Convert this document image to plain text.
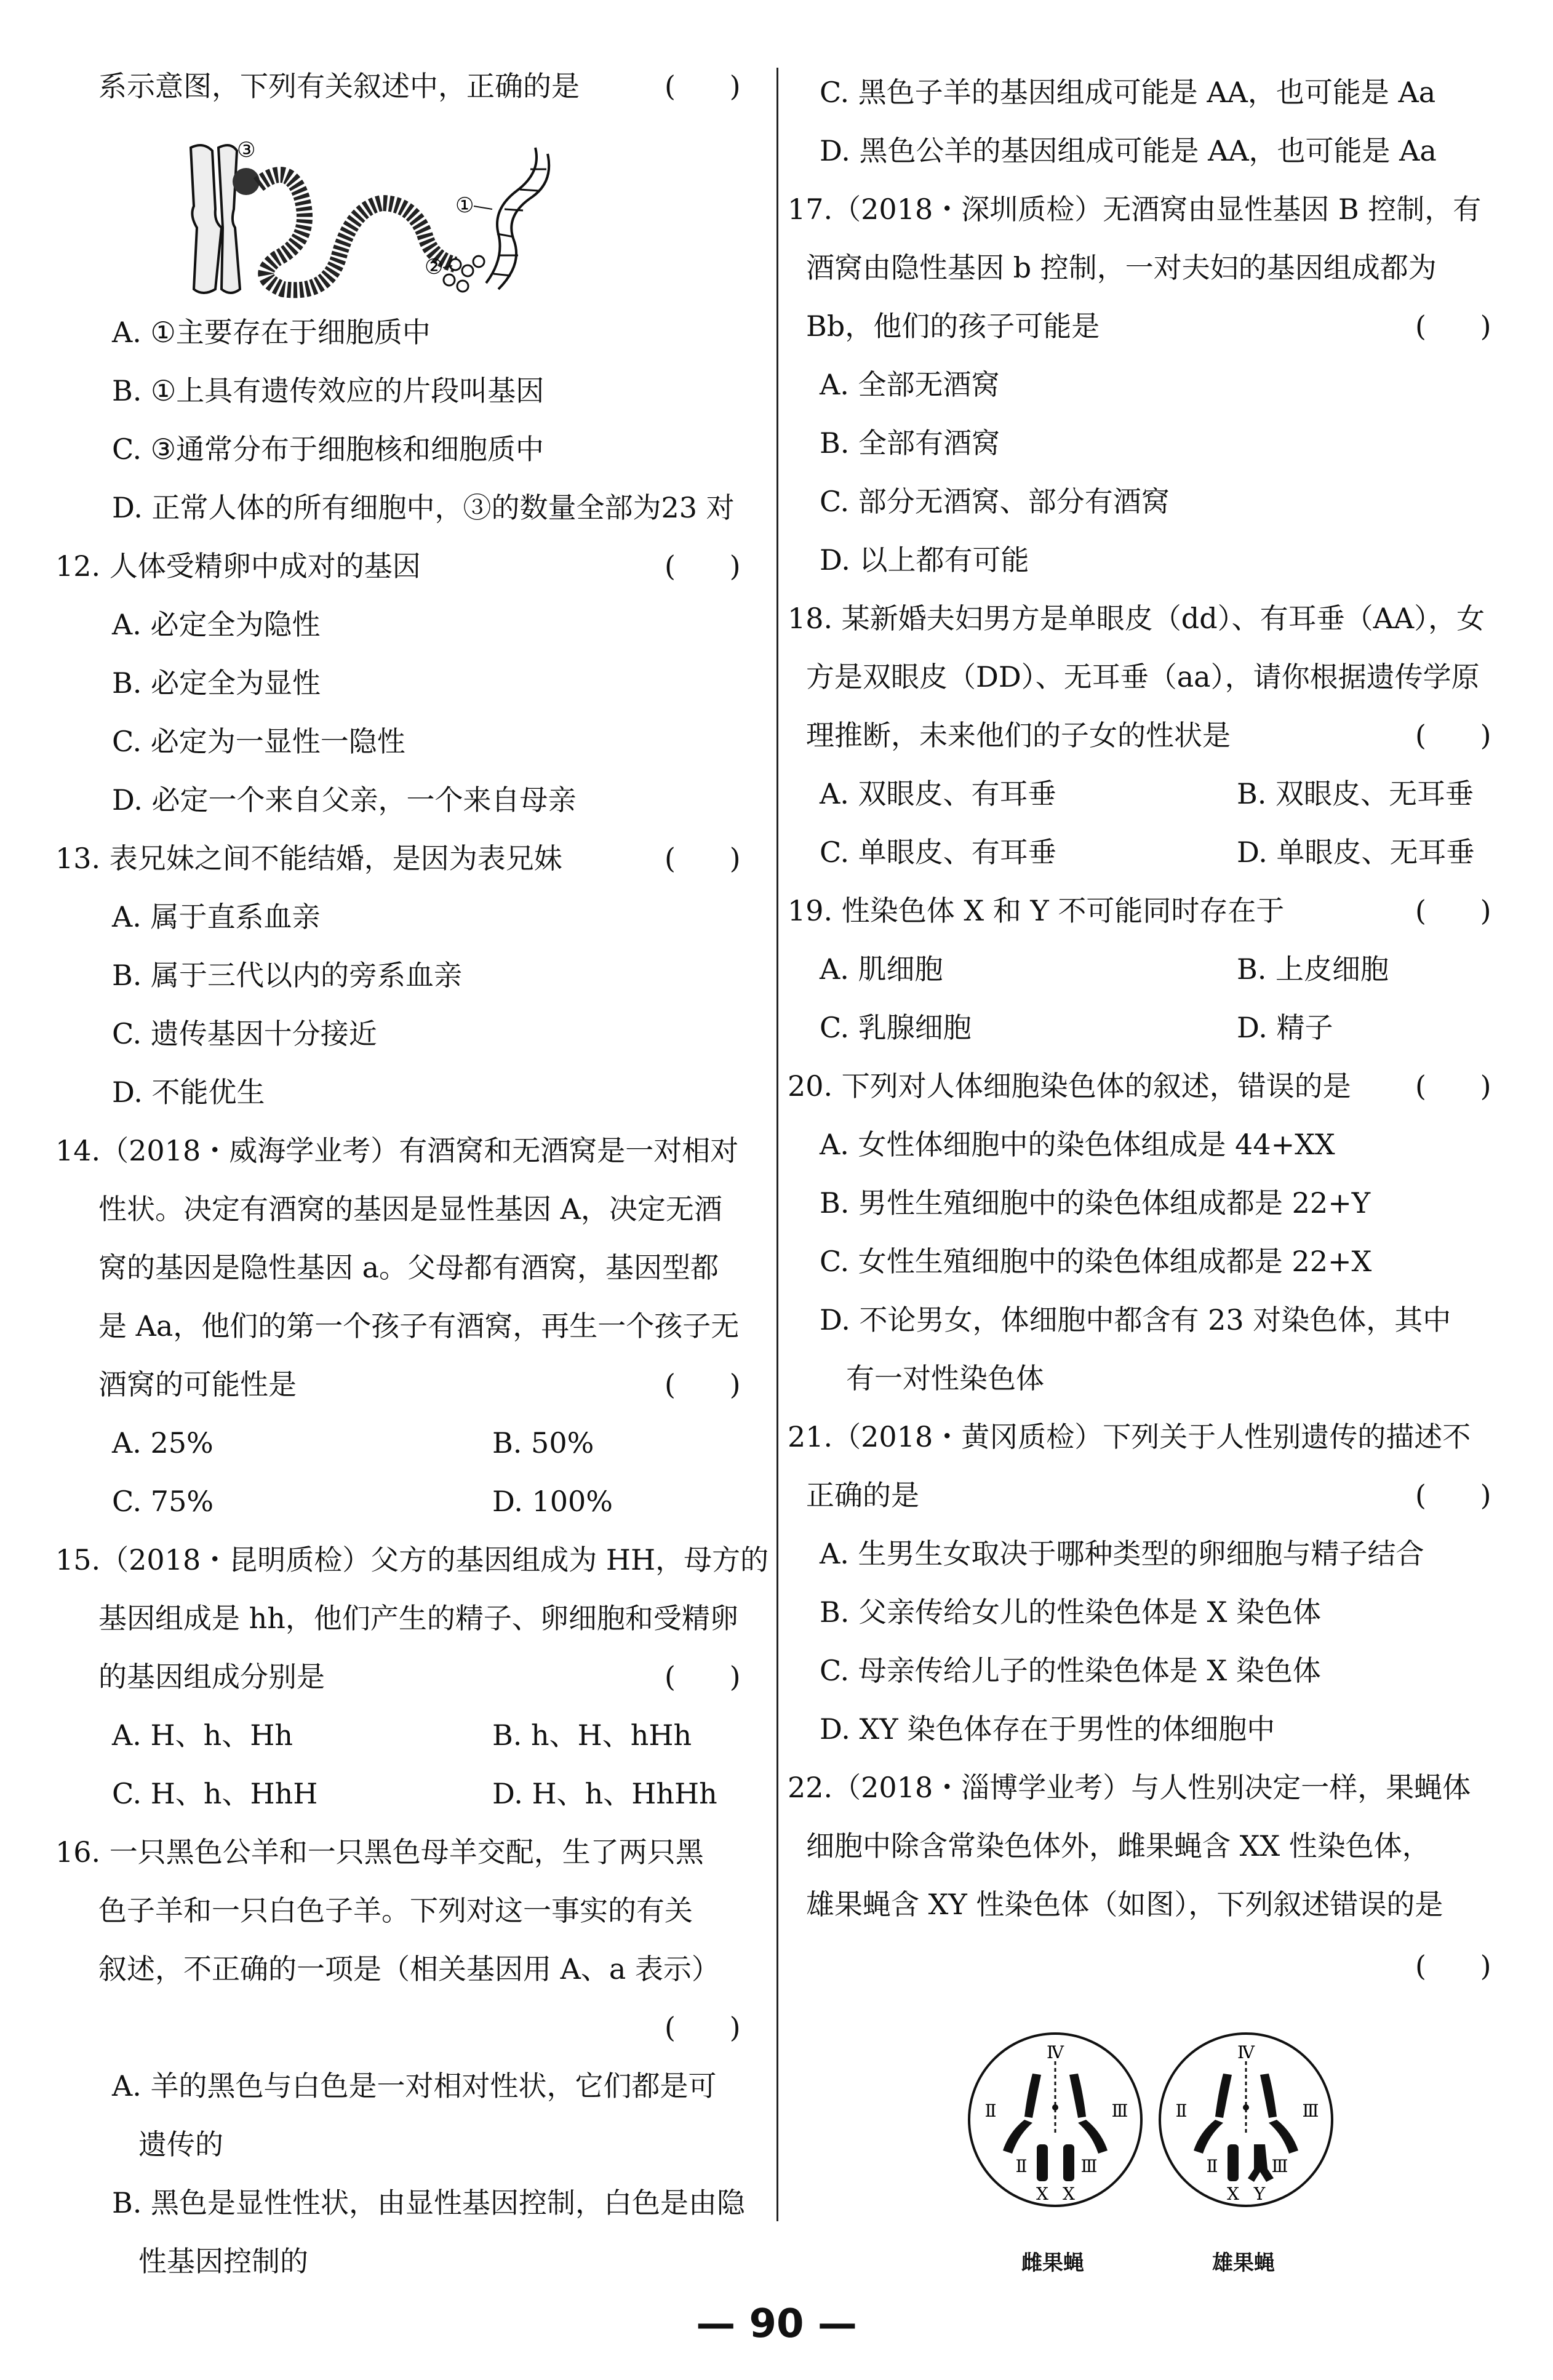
系示意图，下列有关叙述中，正确的是	(      )
③
①
②
A. ①主要存在于细胞质中
B. ①上具有遗传效应的片段叫基因
C. ③通常分布于细胞核和细胞质中
D. 正常人体的所有细胞中，③的数量全部为23 对
12. 人体受精卵中成对的基因	(      )
A. 必定全为隐性
B. 必定全为显性
C. 必定为一显性一隐性
D. 必定一个来自父亲，一个来自母亲
13. 表兄妹之间不能结婚，是因为表兄妹	(      )
A. 属于直系血亲
B. 属于三代以内的旁系血亲
C. 遗传基因十分接近
D. 不能优生
14.（2018・威海学业考）有酒窝和无酒窝是一对相对
性状。决定有酒窝的基因是显性基因 A，决定无酒
窝的基因是隐性基因 a。父母都有酒窝，基因型都
是 Aa，他们的第一个孩子有酒窝，再生一个孩子无
酒窝的可能性是	(      )
A. 25%	B. 50%
C. 75%	D. 100%
15.（2018・昆明质检）父方的基因组成为 HH，母方的
基因组成是 hh，他们产生的精子、卵细胞和受精卵
的基因组成分别是	(      )
A. H、h、Hh	B. h、H、hHh
C. H、h、HhH	D. H、h、HhHh
16. 一只黑色公羊和一只黑色母羊交配，生了两只黑
色子羊和一只白色子羊。下列对这一事实的有关
叙述，不正确的一项是（相关基因用 A、a 表示）
(      )
A. 羊的黑色与白色是一对相对性状，它们都是可
遗传的
B. 黑色是显性性状，由显性基因控制，白色是由隐
性基因控制的
C. 黑色子羊的基因组成可能是 AA，也可能是 Aa
D. 黑色公羊的基因组成可能是 AA，也可能是 Aa
17.（2018・深圳质检）无酒窝由显性基因 B 控制，有
酒窝由隐性基因 b 控制，一对夫妇的基因组成都为
Bb，他们的孩子可能是	(      )
A. 全部无酒窝
B. 全部有酒窝
C. 部分无酒窝、部分有酒窝
D. 以上都有可能
18. 某新婚夫妇男方是单眼皮（dd）、有耳垂（AA），女
方是双眼皮（DD）、无耳垂（aa），请你根据遗传学原
理推断，未来他们的子女的性状是	(      )
A. 双眼皮、有耳垂	B. 双眼皮、无耳垂
C. 单眼皮、有耳垂	D. 单眼皮、无耳垂
19. 性染色体 X 和 Y 不可能同时存在于	(      )
A. 肌细胞	B. 上皮细胞
C. 乳腺细胞	D. 精子
20. 下列对人体细胞染色体的叙述，错误的是 (      )
A. 女性体细胞中的染色体组成是 44+XX
B. 男性生殖细胞中的染色体组成都是 22+Y
C. 女性生殖细胞中的染色体组成都是 22+X
D. 不论男女，体细胞中都含有 23 对染色体，其中
有一对性染色体
21.（2018・黄冈质检）下列关于人性别遗传的描述不
正确的是	(      )
A. 生男生女取决于哪种类型的卵细胞与精子结合
B. 父亲传给女儿的性染色体是 X 染色体
C. 母亲传给儿子的性染色体是 X 染色体
D. XY 染色体存在于男性的体细胞中
22.（2018・淄博学业考）与人性别决定一样，果蝇体
细胞中除含常染色体外，雌果蝇含 XX 性染色体，
雄果蝇含 XY 性染色体（如图），下列叙述错误的是
(      )
Ⅳ
Ⅱ	Ⅲ
Ⅱ	Ⅲ
X X
Ⅳ
Ⅱ	Ⅲ
Ⅱ	Ⅲ
X Y
雌果蝇	雄果蝇
— 90 —
